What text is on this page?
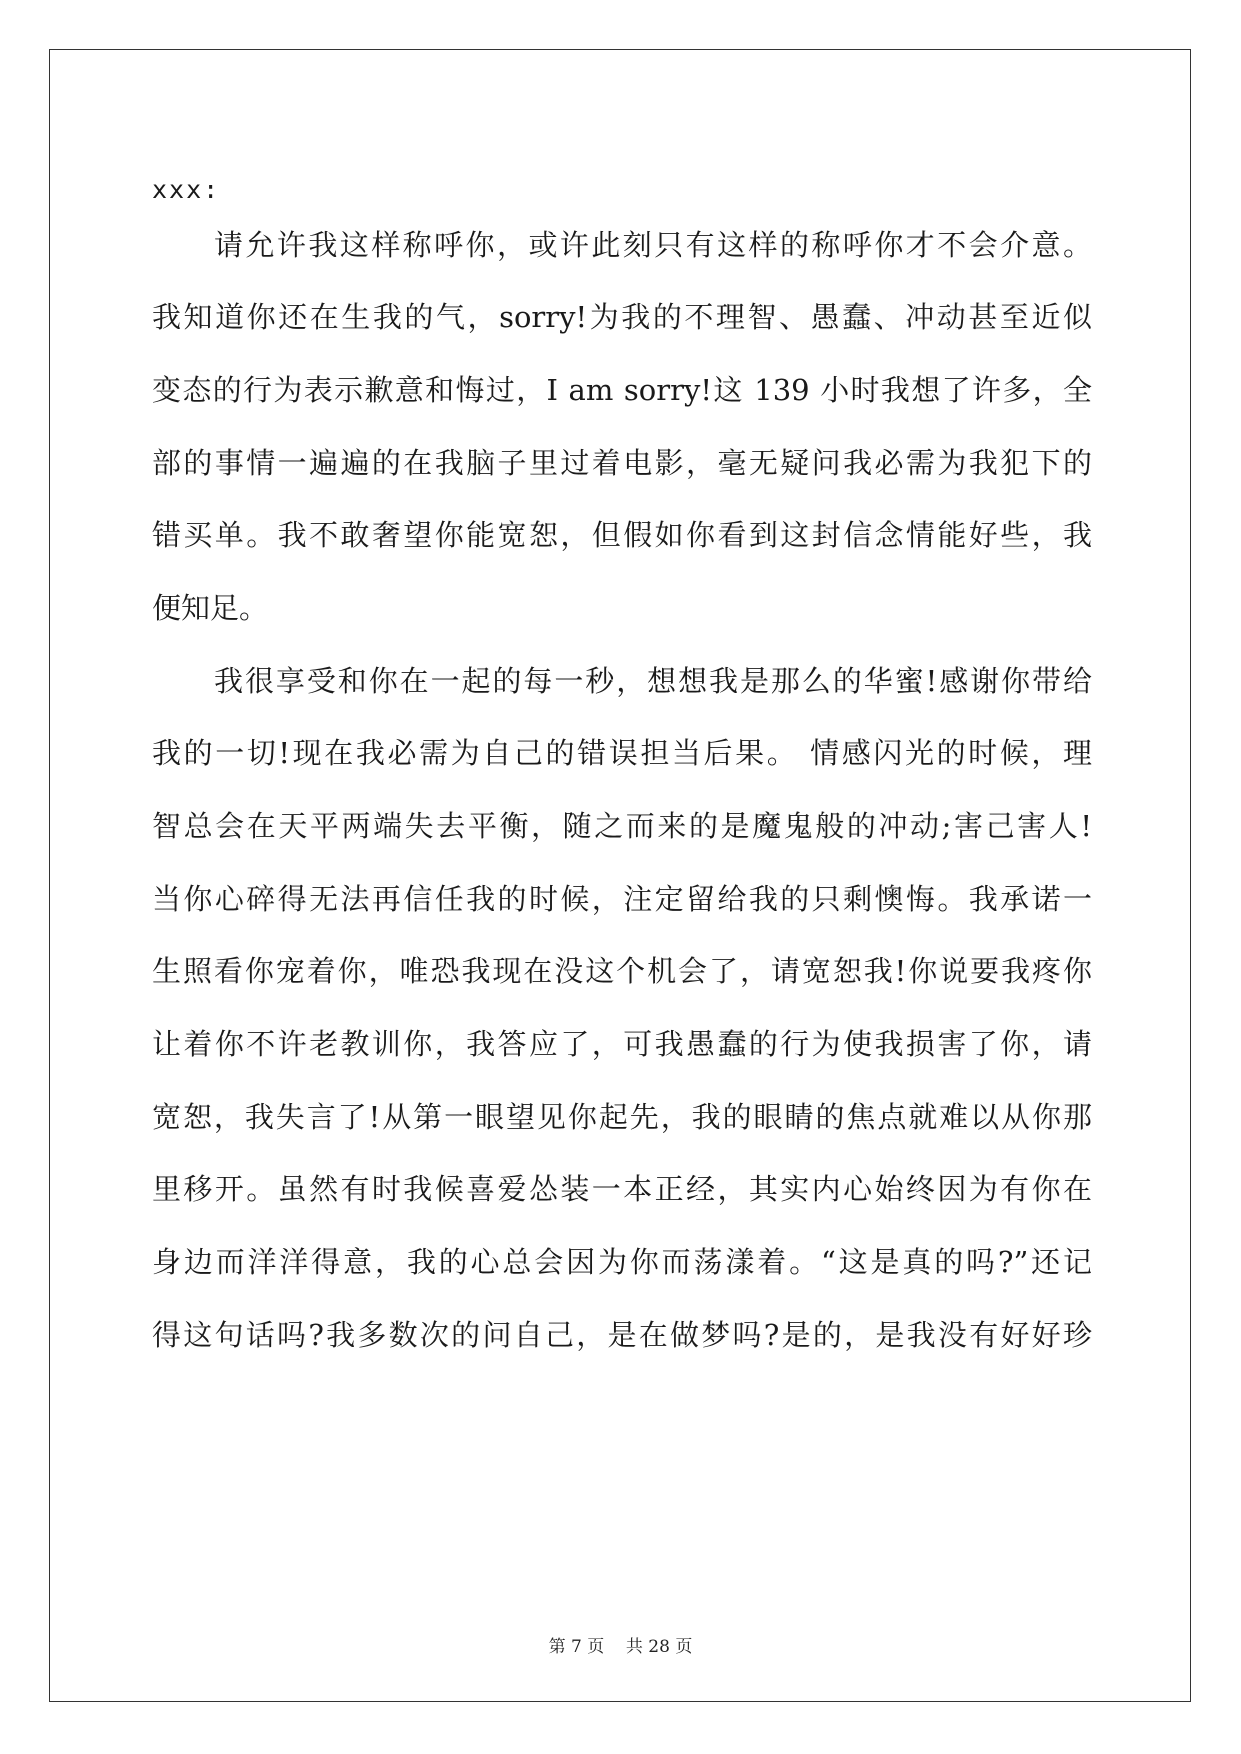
xxx:

请允许我这样称呼你，或许此刻只有这样的称呼你才不会介意。

我知道你还在生我的气，sorry!为我的不理智、愚蠢、冲动甚至近似

变态的行为表示歉意和悔过，I am sorry!这 139 小时我想了许多，全

部的事情一遍遍的在我脑子里过着电影，毫无疑问我必需为我犯下的

错买单。我不敢奢望你能宽恕，但假如你看到这封信念情能好些，我

便知足。

我很享受和你在一起的每一秒，想想我是那么的华蜜!感谢你带给

我的一切!现在我必需为自己的错误担当后果。 情感闪光的时候，理

智总会在天平两端失去平衡，随之而来的是魔鬼般的冲动;害己害人!

当你心碎得无法再信任我的时候，注定留给我的只剩懊悔。我承诺一

生照看你宠着你，唯恐我现在没这个机会了，请宽恕我!你说要我疼你

让着你不许老教训你，我答应了，可我愚蠢的行为使我损害了你，请

宽恕，我失言了!从第一眼望见你起先，我的眼睛的焦点就难以从你那

里移开。虽然有时我候喜爱怂装一本正经，其实内心始终因为有你在

身边而洋洋得意，我的心总会因为你而荡漾着。“这是真的吗?”还记

得这句话吗?我多数次的问自己，是在做梦吗?是的，是我没有好好珍

第 7 页 共 28 页
